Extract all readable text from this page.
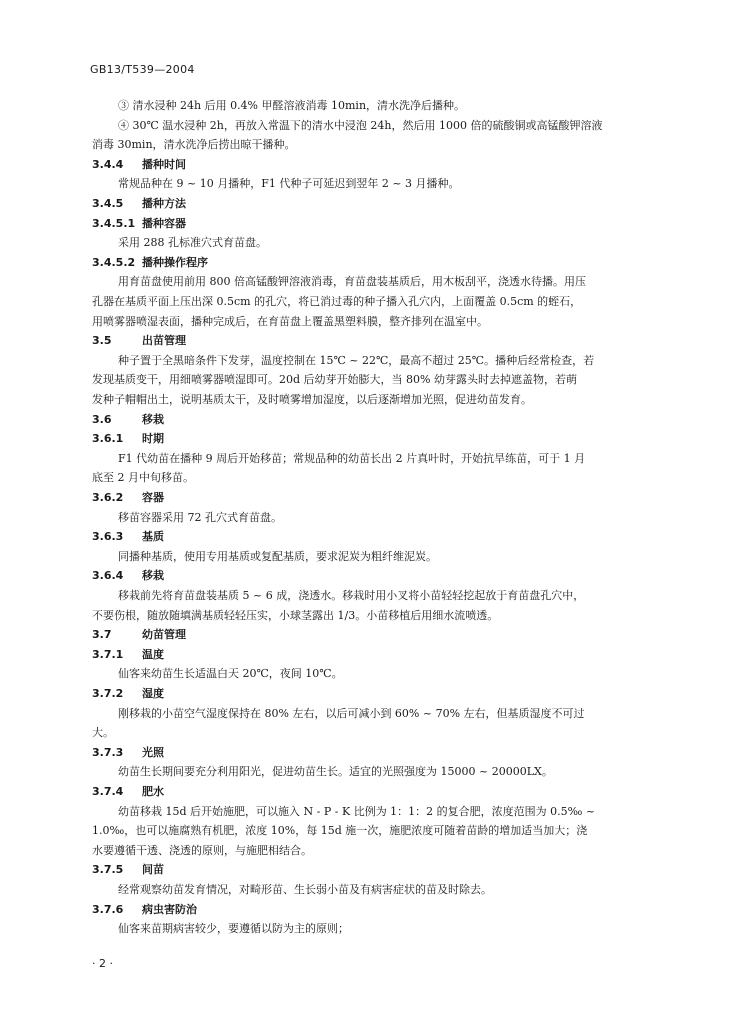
GB13/T539—2004
③ 清水浸种 24h 后用 0.4% 甲醛溶液消毒 10min，清水洗净后播种。
④ 30℃ 温水浸种 2h，再放入常温下的清水中浸泡 24h，然后用 1000 倍的硫酸铜或高锰酸钾溶液
消毒 30min，清水洗净后捞出晾干播种。
3.4.4 播种时间
常规品种在 9 ~ 10 月播种，F1 代种子可延迟到翌年 2 ~ 3 月播种。
3.4.5 播种方法
3.4.5.1 播种容器
采用 288 孔标准穴式育苗盘。
3.4.5.2 播种操作程序
用育苗盘使用前用 800 倍高锰酸钾溶液消毒，育苗盘装基质后，用木板刮平，浇透水待播。用压
孔器在基质平面上压出深 0.5cm 的孔穴，将已消过毒的种子播入孔穴内，上面覆盖 0.5cm 的蛭石，
用喷雾器喷湿表面，播种完成后，在育苗盘上覆盖黑塑料膜，整齐排列在温室中。
3.5	出苗管理
种子置于全黑暗条件下发芽，温度控制在 15℃ ~ 22℃，最高不超过 25℃。播种后经常检查，若
发现基质变干，用细喷雾器喷湿即可。20d 后幼芽开始膨大，当 80% 幼芽露头时去掉遮盖物，若萌
发种子帽帽出土，说明基质太干，及时喷雾增加湿度，以后逐渐增加光照，促进幼苗发育。
3.6	移栽
3.6.1 时期
F1 代幼苗在播种 9 周后开始移苗；常规品种的幼苗长出 2 片真叶时，开始抗旱练苗，可于 1 月
底至 2 月中旬移苗。
3.6.2 容器
移苗容器采用 72 孔穴式育苗盘。
3.6.3 基质
同播种基质，使用专用基质或复配基质，要求泥炭为粗纤维泥炭。
3.6.4 移栽
移栽前先将育苗盘装基质 5 ~ 6 成，浇透水。移栽时用小叉将小苗轻轻挖起放于育苗盘孔穴中，
不要伤根，随放随填满基质轻轻压实，小球茎露出 1/3。小苗移植后用细水流喷透。
3.7	幼苗管理
3.7.1 温度
仙客来幼苗生长适温白天 20℃，夜间 10℃。
3.7.2 湿度
刚移栽的小苗空气湿度保持在 80% 左右，以后可减小到 60% ~ 70% 左右，但基质湿度不可过
大。
3.7.3 光照
幼苗生长期间要充分利用阳光，促进幼苗生长。适宜的光照强度为 15000 ~ 20000LX。
3.7.4 肥水
幼苗移栽 15d 后开始施肥，可以施入 N - P - K 比例为 1：1：2 的复合肥，浓度范围为 0.5‰ ~
1.0‰，也可以施腐熟有机肥，浓度 10%，每 15d 施一次，施肥浓度可随着苗龄的增加适当加大；浇
水要遵循干透、浇透的原则，与施肥相结合。
3.7.5 间苗
经常观察幼苗发育情况，对畸形苗、生长弱小苗及有病害症状的苗及时除去。
3.7.6 病虫害防治
仙客来苗期病害较少，要遵循以防为主的原则；
· 2 ·
